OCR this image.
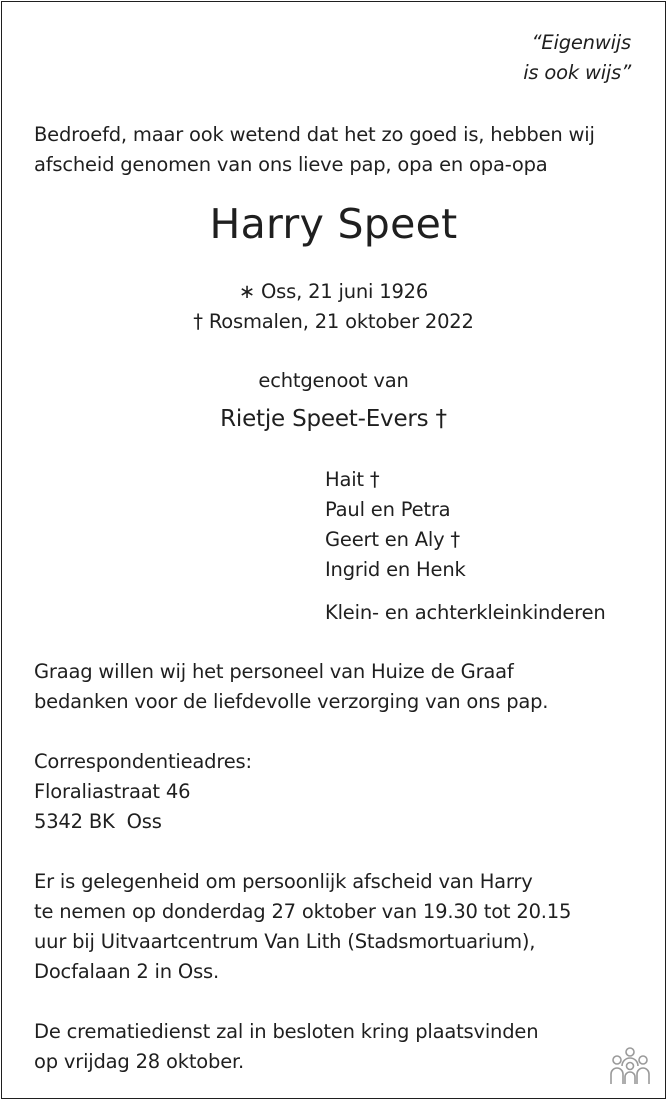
“Eigenwijs
is ook wijs”
Bedroefd, maar ook wetend dat het zo goed is, hebben wij
afscheid genomen van ons lieve pap, opa en opa-opa
Harry Speet
∗ Oss, 21 juni 1926
† Rosmalen, 21 oktober 2022
echtgenoot van
Rietje Speet-Evers †
Hait †
Paul en Petra
Geert en Aly †
Ingrid en Henk
Klein- en achterkleinkinderen
Graag willen wij het personeel van Huize de Graaf
bedanken voor de liefdevolle verzorging van ons pap.
Correspondentieadres:
Floraliastraat 46
5342 BK  Oss
Er is gelegenheid om persoonlijk afscheid van Harry
te nemen op donderdag 27 oktober van 19.30 tot 20.15
uur bij Uitvaartcentrum Van Lith (Stadsmortuarium),
Docfalaan 2 in Oss.
De crematiedienst zal in besloten kring plaatsvinden
op vrijdag 28 oktober.
